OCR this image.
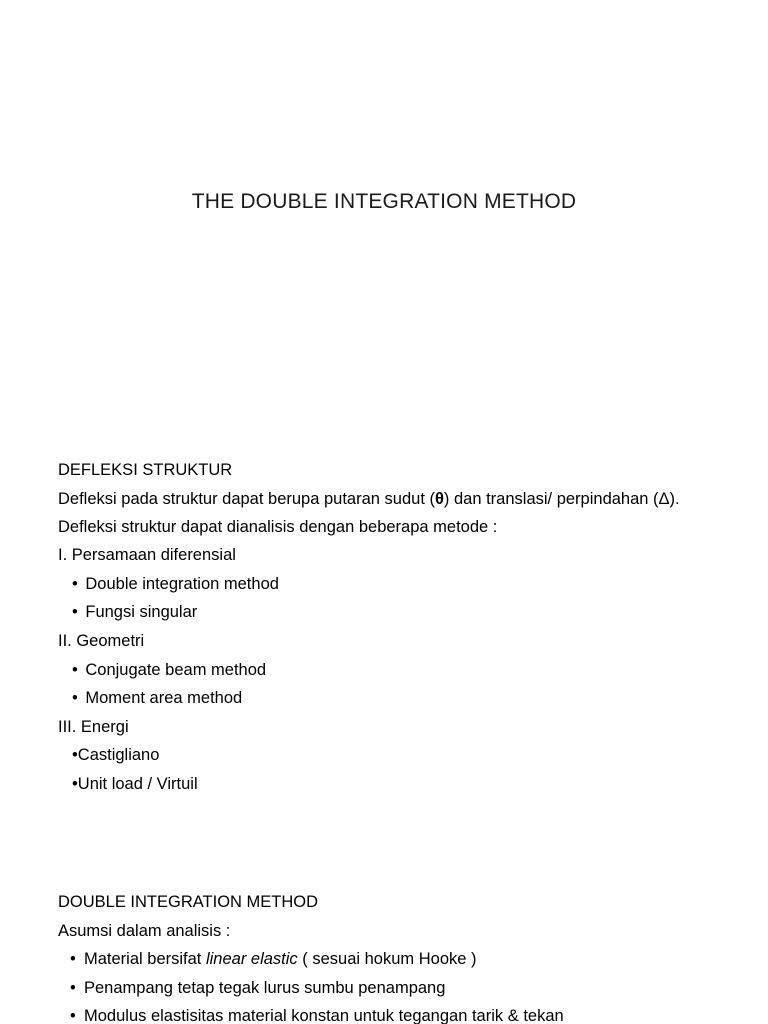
THE DOUBLE INTEGRATION METHOD

DEFLEKSI STRUKTUR

Defleksi pada struktur dapat berupa putaran sudut (θ) dan translasi/ perpindahan (Δ).

Defleksi struktur dapat dianalisis dengan beberapa metode :

I. Persamaan diferensial

• Double integration method

• Fungsi singular

II. Geometri

• Conjugate beam method

• Moment area method

III. Energi

•Castigliano

•Unit load / Virtuil

DOUBLE INTEGRATION METHOD

Asumsi dalam analisis :

• Material bersifat linear elastic ( sesuai hokum Hooke )

• Penampang tetap tegak lurus sumbu penampang

• Modulus elastisitas material konstan untuk tegangan tarik & tekan
